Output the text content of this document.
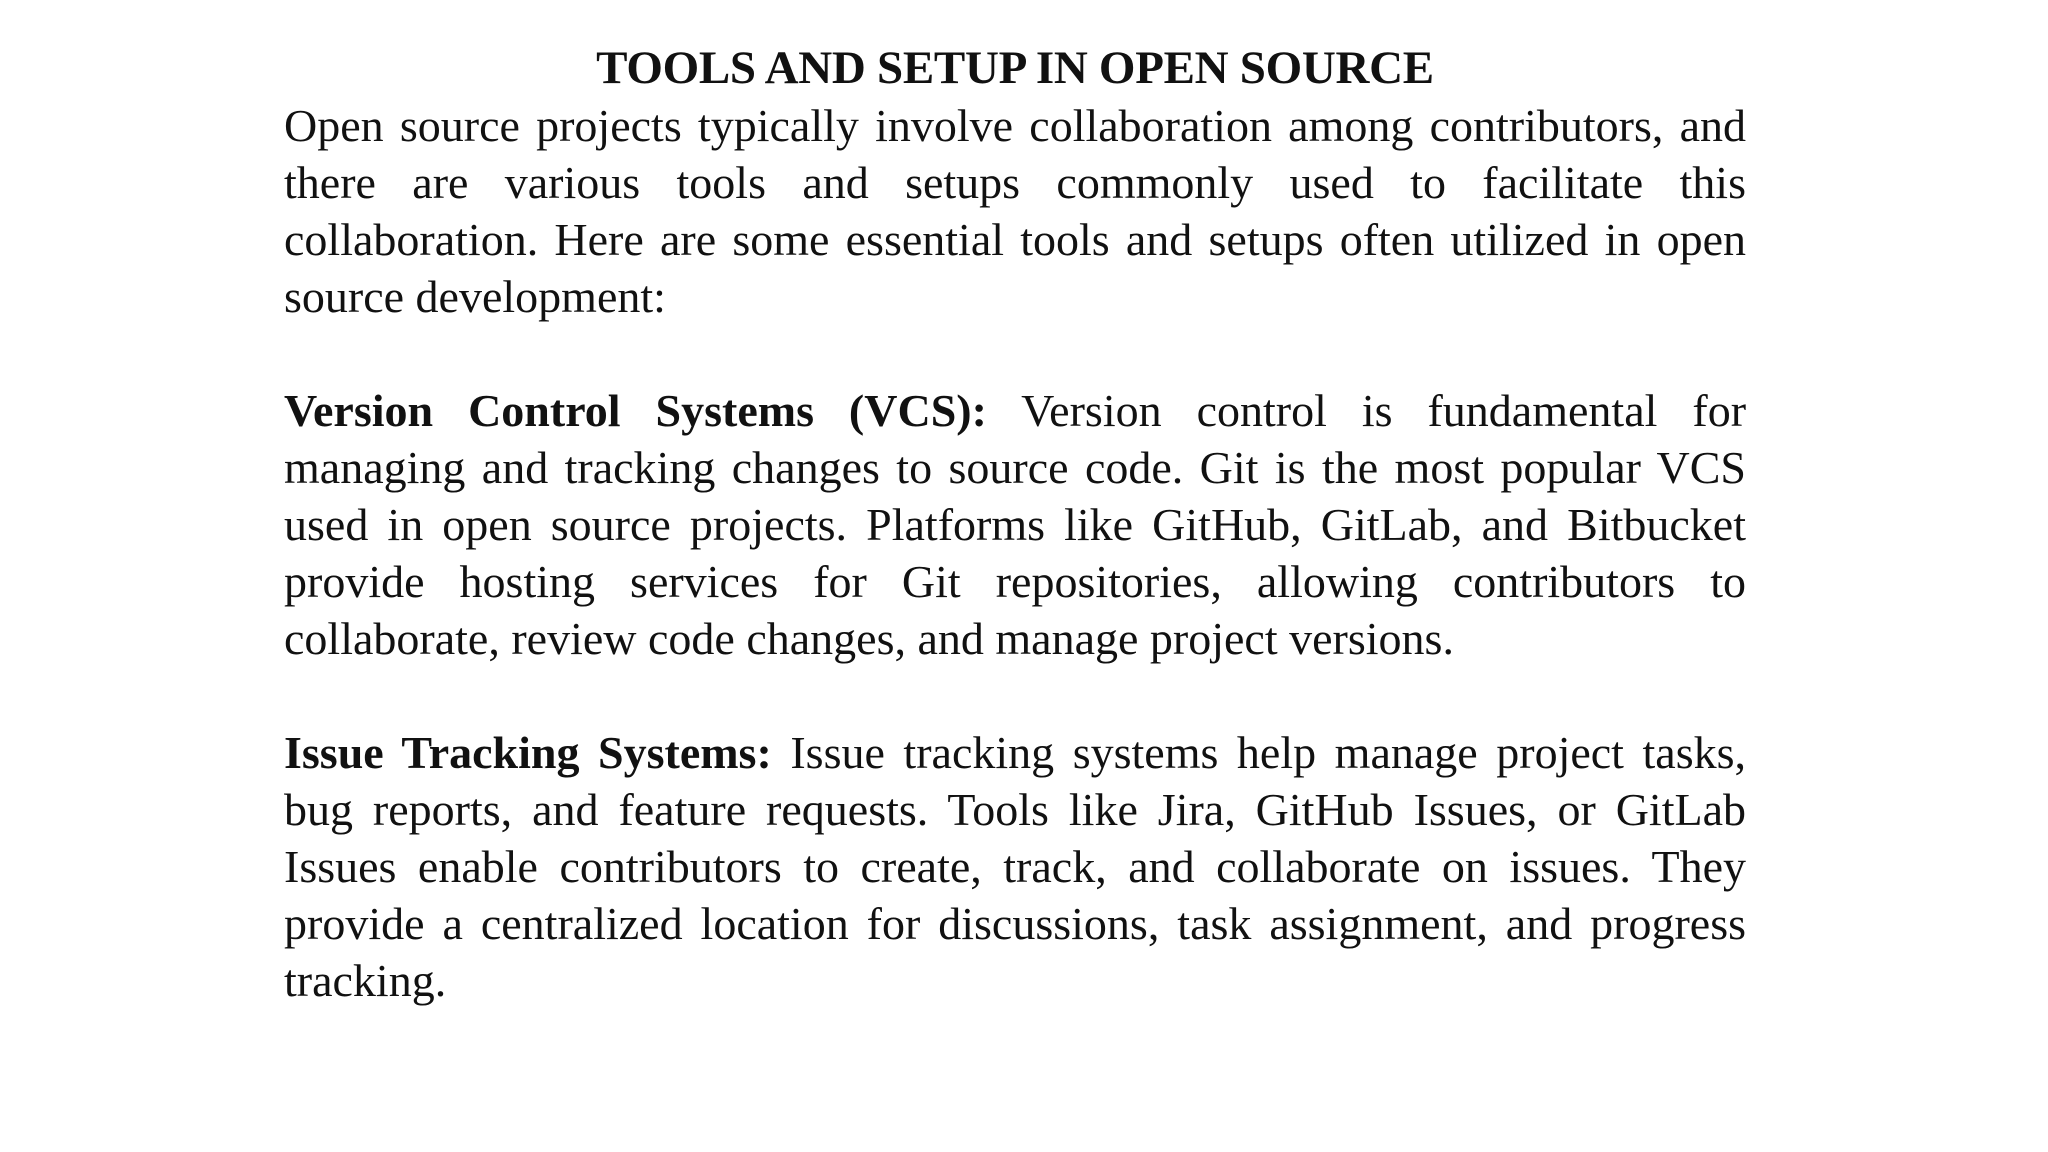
TOOLS AND SETUP IN OPEN SOURCE

Open source projects typically involve collaboration among contributors, and there are various tools and setups commonly used to facilitate this collaboration. Here are some essential tools and setups often utilized in open source development:

Version Control Systems (VCS): Version control is fundamental for managing and tracking changes to source code. Git is the most popular VCS used in open source projects. Platforms like GitHub, GitLab, and Bitbucket provide hosting services for Git repositories, allowing contributors to collaborate, review code changes, and manage project versions.

Issue Tracking Systems: Issue tracking systems help manage project tasks, bug reports, and feature requests. Tools like Jira, GitHub Issues, or GitLab Issues enable contributors to create, track, and collaborate on issues. They provide a centralized location for discussions, task assignment, and progress tracking.
